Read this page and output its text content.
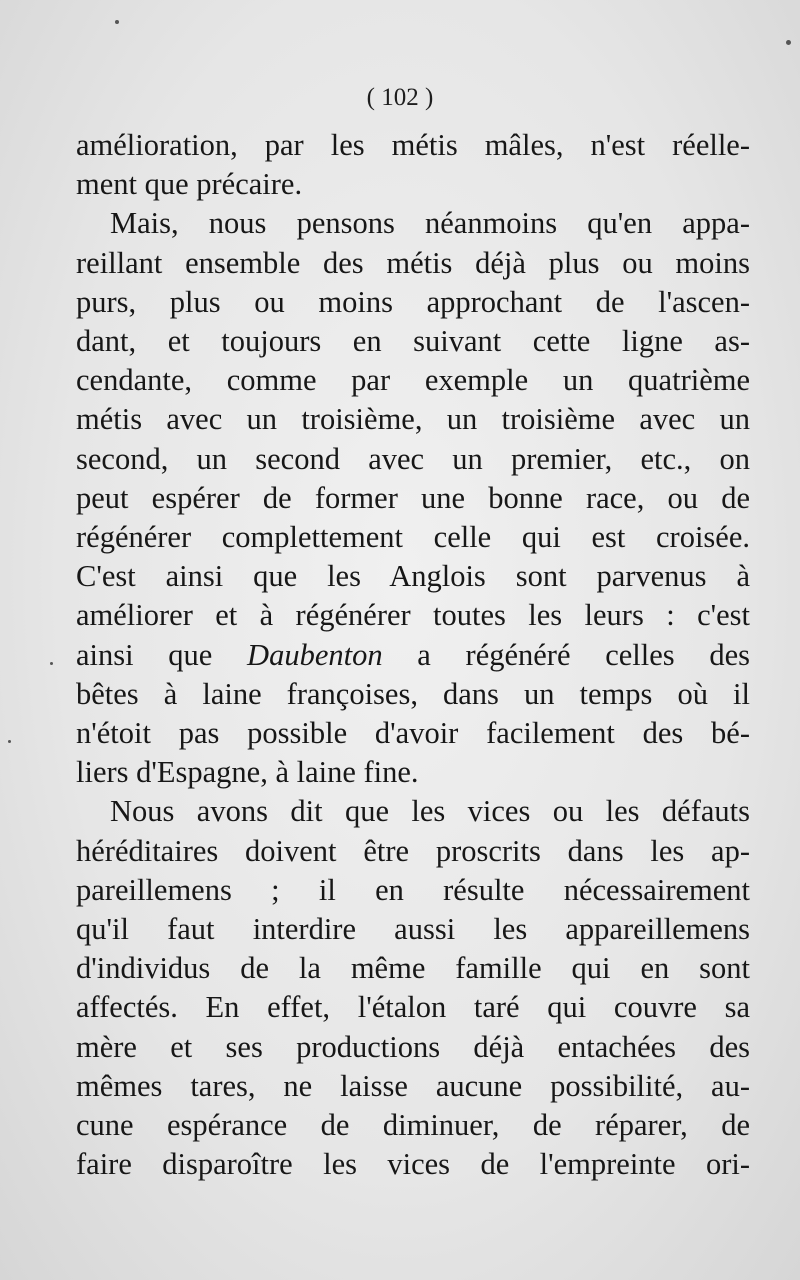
( 102 )
amélioration, par les métis mâles, n'est réelle-
ment que précaire.
Mais, nous pensons néanmoins qu'en appa-
reillant ensemble des métis déjà plus ou moins
purs, plus ou moins approchant de l'ascen-
dant, et toujours en suivant cette ligne as-
cendante, comme par exemple un quatrième
métis avec un troisième, un troisième avec un
second, un second avec un premier, etc., on
peut espérer de former une bonne race, ou de
régénérer complettement celle qui est croisée.
C'est ainsi que les Anglois sont parvenus à
améliorer et à régénérer toutes les leurs : c'est
ainsi que Daubenton a régénéré celles des
bêtes à laine françoises, dans un temps où il
n'étoit pas possible d'avoir facilement des bé-
liers d'Espagne, à laine fine.
Nous avons dit que les vices ou les défauts
héréditaires doivent être proscrits dans les ap-
pareillemens ; il en résulte nécessairement
qu'il faut interdire aussi les appareillemens
d'individus de la même famille qui en sont
affectés. En effet, l'étalon taré qui couvre sa
mère et ses productions déjà entachées des
mêmes tares, ne laisse aucune possibilité, au-
cune espérance de diminuer, de réparer, de
faire disparoître les vices de l'empreinte ori-
